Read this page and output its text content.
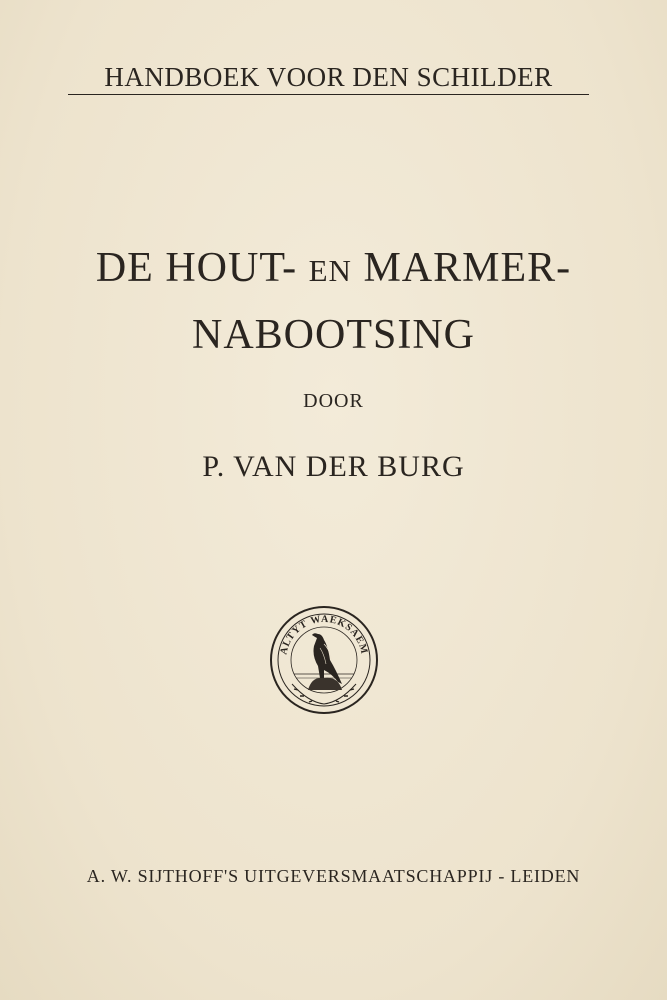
HANDBOEK VOOR DEN SCHILDER
DE HOUT- EN MARMER-
NABOOTSING
DOOR
P. VAN DER BURG
ALTYT WAEKSAEM
A. W. SIJTHOFF'S UITGEVERSMAATSCHAPPIJ - LEIDEN
